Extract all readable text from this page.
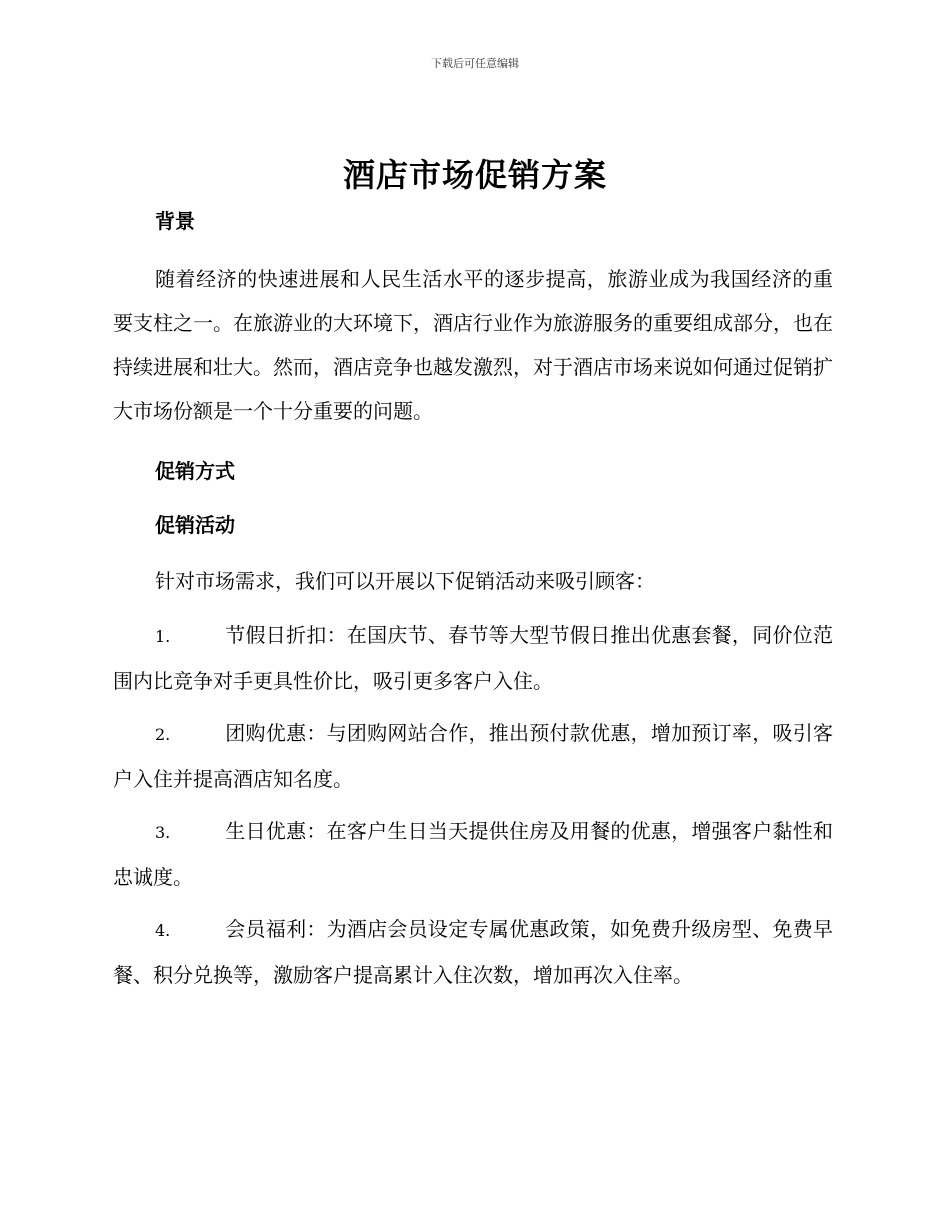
下载后可任意编辑
酒店市场促销方案
背景

随着经济的快速进展和人民生活水平的逐步提高，旅游业成为我国经济的重要支柱之一。在旅游业的大环境下，酒店行业作为旅游服务的重要组成部分，也在持续进展和壮大。然而，酒店竞争也越发激烈，对于酒店市场来说如何通过促销扩大市场份额是一个十分重要的问题。

促销方式
促销活动

针对市场需求，我们可以开展以下促销活动来吸引顾客：

1.	节假日折扣：在国庆节、春节等大型节假日推出优惠套餐，同价位范围内比竞争对手更具性价比，吸引更多客户入住。

2.	团购优惠：与团购网站合作，推出预付款优惠，增加预订率，吸引客户入住并提高酒店知名度。

3.	生日优惠：在客户生日当天提供住房及用餐的优惠，增强客户黏性和忠诚度。

4.	会员福利：为酒店会员设定专属优惠政策，如免费升级房型、免费早餐、积分兑换等，激励客户提高累计入住次数，增加再次入住率。
